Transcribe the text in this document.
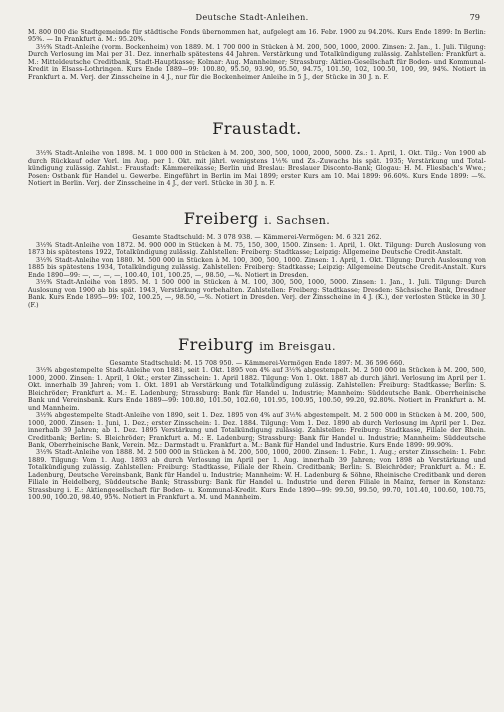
Deutsche Stadt-Anleihen.	79

M. 800 000 die Stadtgemeinde für städtische Fonds übernommen hat, aufgelegt am 16. Febr. 1900 zu 94.20%. Kurs Ende 1899: In Berlin: 95%. — In Frankfurt a. M.: 95.20%.

3½% Stadt-Anleihe (vorm. Bockenheim) von 1889. M. 1 700 000 in Stücken à M. 200, 500, 1000, 2000. Zinsen: 2. Jan., 1. Juli. Tilgung: Durch Verlosung im Mai per 31. Dez. innerhalb spätestens 44 Jahren. Verstärkung und Totalkündigung zulässig. Zahlstellen: Frankfurt a. M.: Mitteldeutsche Creditbank, Stadt-Hauptkasse; Kolmar: Aug. Mannheimer; Strassburg: Aktien-Gesellschaft für Boden- und Kommunal-Kredit in Elsass-Lothringen. Kurs Ende 1889—99: 100.80, 95.50, 93.90, 95.50, 94.75, 101.50, 102, 100.50, 100, 99, 94%. Notiert in Frankfurt a. M. Verj. der Zinsscheine in 4 J., nur für die Bockenheimer Anleihe in 5 J., der Stücke in 30 J. n. F.

Fraustadt.

3½% Stadt-Anleihe von 1898. M. 1 000 000 in Stücken à M. 200, 300, 500, 1000, 2000, 5000. Zs.: 1. April, 1. Okt. Tilg.: Von 1900 ab durch Rückkauf oder Verl. im Aug. per 1. Okt. mit jährl. wenigstens 1½% und Zs.-Zuwachs bis spät. 1935; Verstärkung und Total-kündigung zulässig. Zahlst.: Fraustadt: Kämmereikasse; Berlin und Breslau: Breslauer Disconto-Bank; Glogau: H. M. Fliesbach's Wwe.; Posen: Ostbank für Handel u. Gewerbe. Eingeführt in Berlin im Mai 1899; erster Kurs am 10. Mai 1899: 96.60%. Kurs Ende 1899: —%. Notiert in Berlin. Verj. der Zinsscheine in 4 J., der verl. Stücke in 30 J. n. F.

Freiberg i. Sachsen.

Gesamte Stadtschuld: M. 3 078 938. — Kämmerei-Vermögen: M. 6 321 262.

3½% Stadt-Anleihe von 1872. M. 900 000 in Stücken à M. 75, 150, 300, 1500. Zinsen: 1. April, 1. Okt. Tilgung: Durch Auslosung von 1873 bis spätestens 1922, Totalkündigung zulässig. Zahlstellen: Freiberg: Stadtkasse; Leipzig: Allgemeine Deutsche Credit-Anstalt.

3½% Stadt-Anleihe von 1880. M. 500 000 in Stücken à M. 100, 300, 500, 1000. Zinsen: 1. April, 1. Okt. Tilgung: Durch Auslosung von 1885 bis spätestens 1934, Totalkündigung zulässig. Zahlstellen: Freiberg: Stadtkasse; Leipzig: Allgemeine Deutsche Credit-Anstalt. Kurs Ende 1890—99: —, —, —, —, 100.40, 101, 100.25, —, 98.50, —%. Notiert in Dresden.

3½% Stadt-Anleihe von 1895. M. 1 500 000 in Stücken à M. 100, 300, 500, 1000, 5000. Zinsen: 1. Jan., 1. Juli. Tilgung: Durch Auslosung von 1900 ab bis spät. 1943, Verstärkung vorbehalten. Zahlstellen: Freiberg: Stadtkasse; Dresden: Sächsische Bank, Dresdner Bank. Kurs Ende 1895—99: 102, 100.25, —, 98.50, —%. Notiert in Dresden. Verj. der Zinsscheine in 4 J. (K.), der verlosten Stücke in 30 J. (F.)

Freiburg im Breisgau.

Gesamte Stadtschuld: M. 15 708 950. — Kämmerei-Vermögen Ende 1897: M. 36 596 660.

3½% abgestempelte Stadt-Anleihe von 1881, seit 1. Okt. 1895 von 4% auf 3½% abgestempelt. M. 2 500 000 in Stücken à M. 200, 500, 1000, 2000. Zinsen: 1. April, 1 Okt.; erster Zinsschein: 1. April 1882. Tilgung: Von 1. Okt. 1887 ab durch jährl. Verlosung im April per 1. Okt. innerhalb 39 Jahren; vom 1. Okt. 1891 ab Verstärkung und Totalkündigung zulässig. Zahlstellen: Freiburg: Stadtkasse; Berlin: S. Bleichröder; Frankfurt a. M.: E. Ladenburg; Strassburg: Bank für Handel u. Industrie; Mannheim: Süddeutsche Bank. Oberrheinische Bank und Vereinsbank. Kurs Ende 1889—99: 100.80, 101.50, 102.60, 101.95, 100.95, 100.50, 99.20, 92.80%. Notiert in Frankfurt a. M. und Mannheim.

3½% abgestempelte Stadt-Anleihe von 1890, seit 1. Dez. 1895 von 4% auf 3½% abgestempelt. M. 2 500 000 in Stücken à M. 200, 500, 1000, 2000. Zinsen: 1. Juni, 1. Dez.; erster Zinsschein: 1. Dez. 1884. Tilgung: Vom 1. Dez. 1890 ab durch Verlosung im April per 1. Dez. innerhalb 39 Jahren; ab 1. Dez. 1895 Verstärkung und Totalkündigung zulässig. Zahlstellen: Freiburg: Stadtkasse, Filiale der Rhein. Creditbank; Berlin: S. Bleichröder; Frankfurt a. M.: E. Ladenburg; Strassburg: Bank für Handel u. Industrie; Mannheim: Süddeutsche Bank, Oberrheinische Bank, Verein. Mz.: Darmstadt u. Frankfurt a. M.: Bank für Handel und Industrie. Kurs Ende 1899: 99.90%.

3½% Stadt-Anleihe von 1888. M. 2 500 000 in Stücken à M. 200, 500, 1000, 2000. Zinsen: 1. Febr., 1. Aug.; erster Zinsschein: 1. Febr. 1889. Tilgung: Vom 1. Aug. 1893 ab durch Verlosung im April per 1. Aug. innerhalb 39 Jahren; von 1898 ab Verstärkung und Totalkündigung zulässig. Zahlstellen: Freiburg: Stadtkasse, Filiale der Rhein. Creditbank; Berlin: S. Bleichröder; Frankfurt a. M.: E. Ladenburg, Deutsche Vereinsbank, Bank für Handel u. Industrie; Mannheim: W. H. Ladenburg & Söhne, Rheinische Creditbank und deren Filiale in Heidelberg, Süddeutsche Bank; Strassburg: Bank für Handel u. Industrie und deren Filiale in Mainz, ferner in Konstanz: Strassburg i. E.: Aktiengesellschaft für Boden- u. Kommunal-Kredit. Kurs Ende 1890—99: 99.50, 99.50, 99.70, 101.40, 100.60, 100.75, 100.90, 100.20, 98.40, 95%. Notiert in Frankfurt a. M. und Mannheim.
